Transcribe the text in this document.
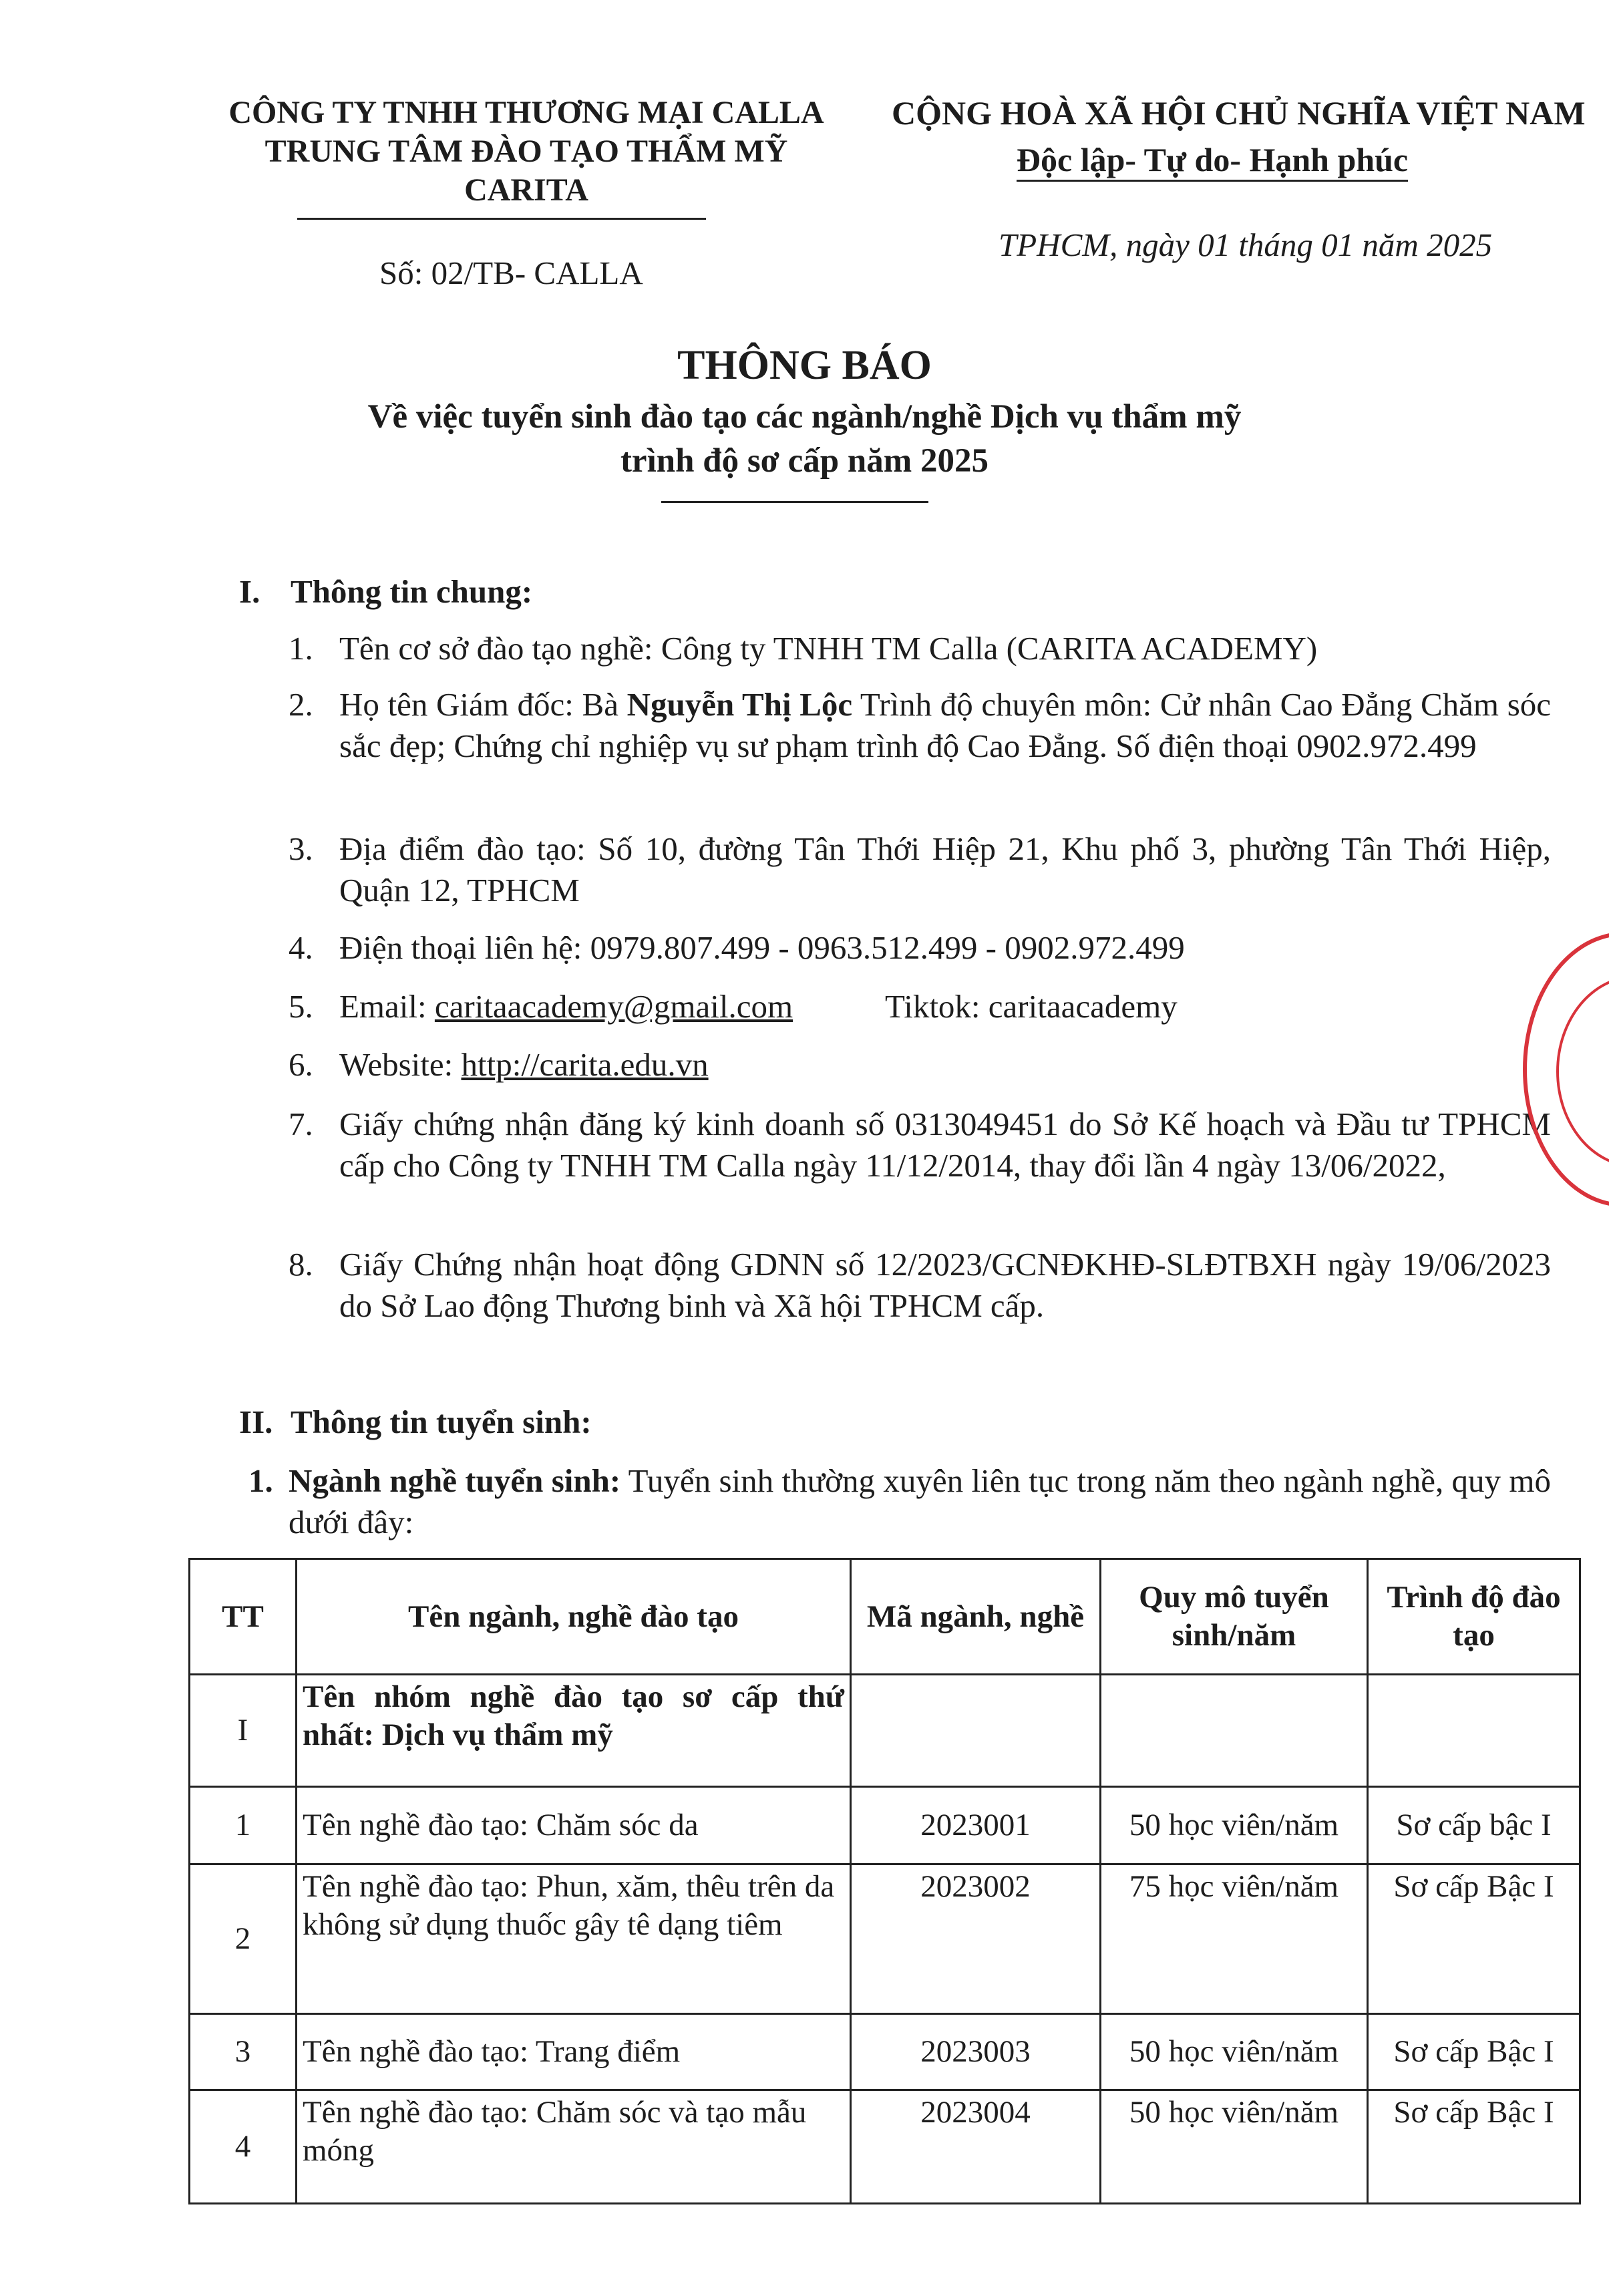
CÔNG TY TNHH THƯƠNG MẠI CALLA
TRUNG TÂM ĐÀO TẠO THẨM MỸ
CARITA
Số: 02/TB- CALLA
CỘNG HOÀ XÃ HỘI CHỦ NGHĨA VIỆT NAM
Độc lập- Tự do- Hạnh phúc
TPHCM, ngày 01 tháng 01 năm 2025
THÔNG BÁO
Về việc tuyển sinh đào tạo các ngành/nghề Dịch vụ thẩm mỹ
trình độ sơ cấp năm 2025
I. Thông tin chung:
1. Tên cơ sở đào tạo nghề: Công ty TNHH TM Calla (CARITA ACADEMY)
2. Họ tên Giám đốc: Bà Nguyễn Thị Lộc Trình độ chuyên môn: Cử nhân Cao Đẳng Chăm sóc sắc đẹp; Chứng chỉ nghiệp vụ sư phạm trình độ Cao Đẳng. Số điện thoại 0902.972.499
3. Địa điểm đào tạo: Số 10, đường Tân Thới Hiệp 21, Khu phố 3, phường Tân Thới Hiệp, Quận 12, TPHCM
4. Điện thoại liên hệ: 0979.807.499 - 0963.512.499 - 0902.972.499
5. Email: caritaacademy@gmail.com	Tiktok: caritaacademy
6. Website: http://carita.edu.vn
7. Giấy chứng nhận đăng ký kinh doanh số 0313049451 do Sở Kế hoạch và Đầu tư TPHCM cấp cho Công ty TNHH TM Calla ngày 11/12/2014, thay đổi lần 4 ngày 13/06/2022,
8. Giấy Chứng nhận hoạt động GDNN số 12/2023/GCNĐKHĐ-SLĐTBXH ngày 19/06/2023 do Sở Lao động Thương binh và Xã hội TPHCM cấp.
II. Thông tin tuyển sinh:
1. Ngành nghề tuyển sinh: Tuyển sinh thường xuyên liên tục trong năm theo ngành nghề, quy mô dưới đây:
TT	Tên ngành, nghề đào tạo	Mã ngành, nghề	Quy mô tuyển sinh/năm	Trình độ đào tạo
I	Tên nhóm nghề đào tạo sơ cấp thứ nhất: Dịch vụ thẩm mỹ			
1	Tên nghề đào tạo: Chăm sóc da	2023001	50 học viên/năm	Sơ cấp bậc I
2	Tên nghề đào tạo: Phun, xăm, thêu trên da không sử dụng thuốc gây tê dạng tiêm	2023002	75 học viên/năm	Sơ cấp Bậc I
3	Tên nghề đào tạo: Trang điểm	2023003	50 học viên/năm	Sơ cấp Bậc I
4	Tên nghề đào tạo: Chăm sóc và tạo mẫu móng	2023004	50 học viên/năm	Sơ cấp Bậc I
